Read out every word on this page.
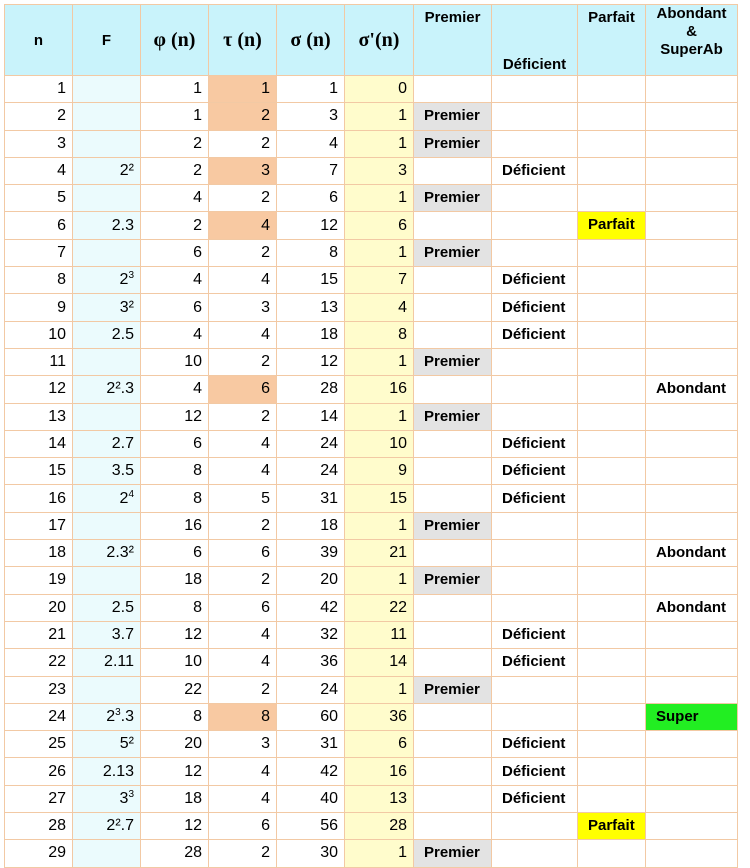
n	F	φ (n)	τ (n)	σ (n)	σ'(n)	Premier	Déficient	Parfait	Abondant
&
SuperAb

1		1	1	1	0	

2		1	2	3	1	Premier			

3		2	2	4	1	Premier			

4	2²	2	3	7	3		Déficient	

5		4	2	6	1	Premier			

6	2.3	2	4	12	6			Parfait	

7		6	2	8	1	Premier			

8	$2^3$	4	4	15	7		Déficient	

9	3²	6	3	13	4		Déficient	

10	2.5	4	4	18	8		Déficient	

11		10	2	12	1	Premier			

12	2².3	4	6	28	16				Abondant

13		12	2	14	1	Premier			

14	2.7	6	4	24	10		Déficient	

15	3.5	8	4	24	9		Déficient	

16	$2^4$	8	5	31	15		Déficient	

17		16	2	18	1	Premier			

18	2.3²	6	6	39	21				Abondant

19		18	2	20	1	Premier			

20	2.5	8	6	42	22				Abondant

21	3.7	12	4	32	11		Déficient	

22	2.11	10	4	36	14		Déficient	

23		22	2	24	1	Premier			

24	$2^3.3$	8	8	60	36				Super

25	5²	20	3	31	6		Déficient	

26	2.13	12	4	42	16		Déficient	

27	$3^3$	18	4	40	13		Déficient	

28	2².7	12	6	56	28			Parfait	

29		28	2	30	1	Premier			
